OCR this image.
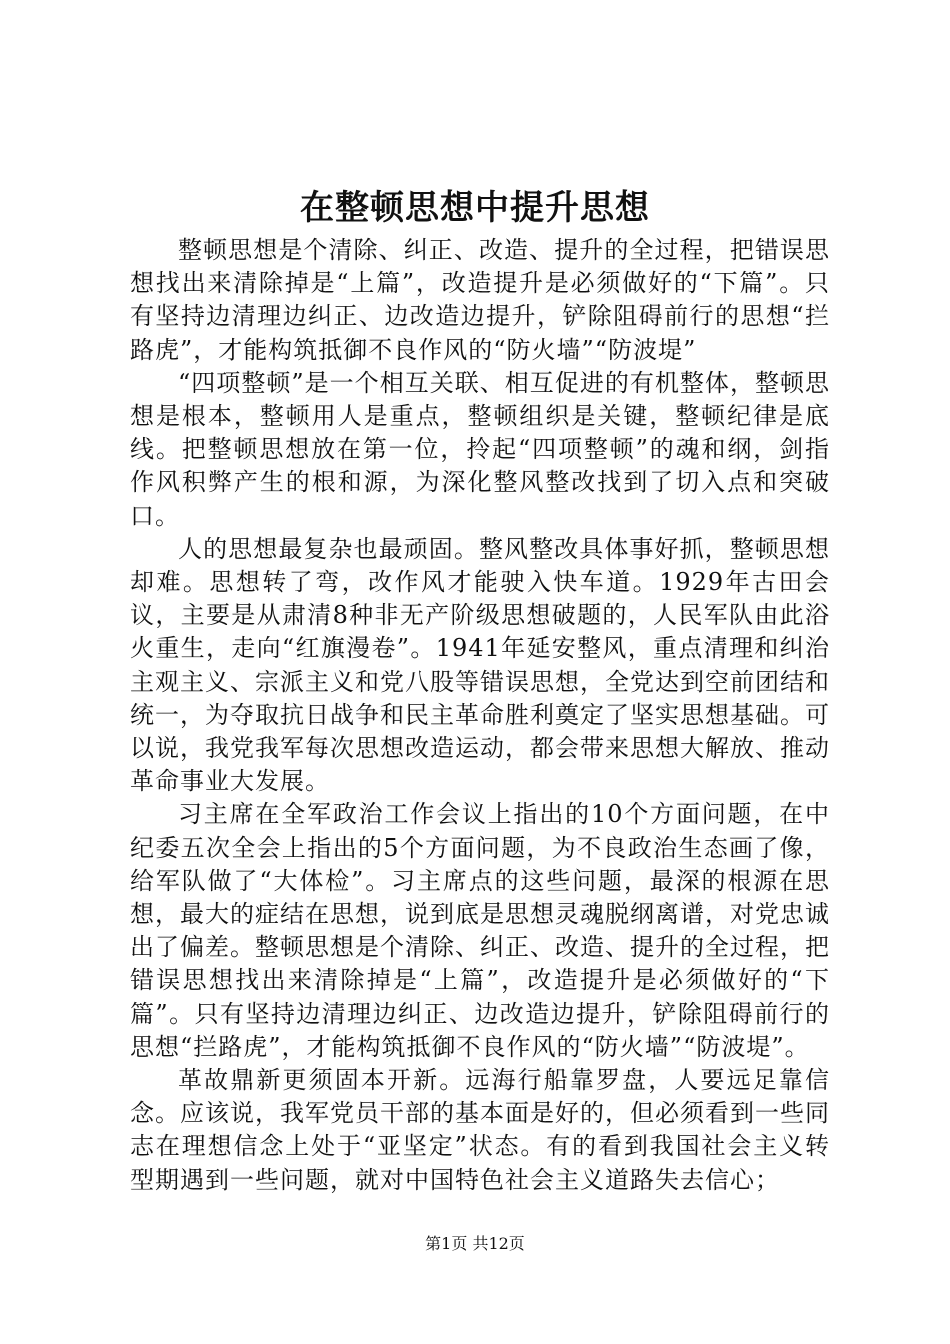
在整顿思想中提升思想

整顿思想是个清除、纠正、改造、提升的全过程，把错误思想找出来清除掉是“上篇”，改造提升是必须做好的“下篇”。只有坚持边清理边纠正、边改造边提升，铲除阻碍前行的思想“拦路虎”，才能构筑抵御不良作风的“防火墙”“防波堤”

“四项整顿”是一个相互关联、相互促进的有机整体，整顿思想是根本，整顿用人是重点，整顿组织是关键，整顿纪律是底线。把整顿思想放在第一位，拎起“四项整顿”的魂和纲，剑指作风积弊产生的根和源，为深化整风整改找到了切入点和突破口。

人的思想最复杂也最顽固。整风整改具体事好抓，整顿思想却难。思想转了弯，改作风才能驶入快车道。1929年古田会议，主要是从肃清8种非无产阶级思想破题的，人民军队由此浴火重生，走向“红旗漫卷”。1941年延安整风，重点清理和纠治主观主义、宗派主义和党八股等错误思想，全党达到空前团结和统一，为夺取抗日战争和民主革命胜利奠定了坚实思想基础。可以说，我党我军每次思想改造运动，都会带来思想大解放、推动革命事业大发展。

习主席在全军政治工作会议上指出的10个方面问题，在中纪委五次全会上指出的5个方面问题，为不良政治生态画了像，给军队做了“大体检”。习主席点的这些问题，最深的根源在思想，最大的症结在思想，说到底是思想灵魂脱纲离谱，对党忠诚出了偏差。整顿思想是个清除、纠正、改造、提升的全过程，把错误思想找出来清除掉是“上篇”，改造提升是必须做好的“下篇”。只有坚持边清理边纠正、边改造边提升，铲除阻碍前行的思想“拦路虎”，才能构筑抵御不良作风的“防火墙”“防波堤”。

革故鼎新更须固本开新。远海行船靠罗盘，人要远足靠信念。应该说，我军党员干部的基本面是好的，但必须看到一些同志在理想信念上处于“亚坚定”状态。有的看到我国社会主义转型期遇到一些问题，就对中国特色社会主义道路失去信心；

第1页 共12页
